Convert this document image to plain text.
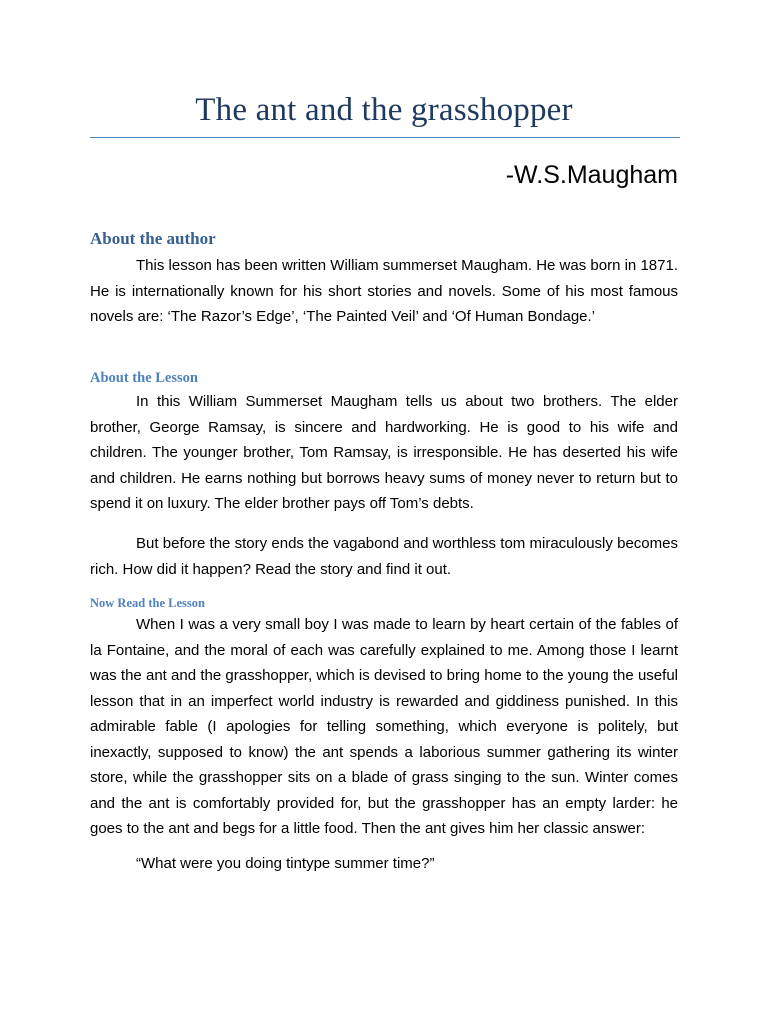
The ant and the grasshopper
-W.S.Maugham
About the author

This lesson has been written William summerset Maugham. He was born in 1871. He is internationally known for his short stories and novels. Some of his most famous novels are: ‘The Razor’s Edge’, ‘The Painted Veil’ and ‘Of Human Bondage.’

About the Lesson

In this William Summerset Maugham tells us about two brothers. The elder brother, George Ramsay, is sincere and hardworking. He is good to his wife and children. The younger brother, Tom Ramsay, is irresponsible. He has deserted his wife and children. He earns nothing but borrows heavy sums of money never to return but to spend it on luxury. The elder brother pays off Tom’s debts.

But before the story ends the vagabond and worthless tom miraculously becomes rich. How did it happen? Read the story and find it out.

Now Read the Lesson

When I was a very small boy I was made to learn by heart certain of the fables of la Fontaine, and the moral of each was carefully explained to me. Among those I learnt was the ant and the grasshopper, which is devised to bring home to the young the useful lesson that in an imperfect world industry is rewarded and giddiness punished. In this admirable fable (I apologies for telling something, which everyone is politely, but inexactly, supposed to know) the ant spends a laborious summer gathering its winter store, while the grasshopper sits on a blade of grass singing to the sun. Winter comes and the ant is comfortably provided for, but the grasshopper has an empty larder: he goes to the ant and begs for a little food. Then the ant gives him her classic answer:

“What were you doing tintype summer time?”
